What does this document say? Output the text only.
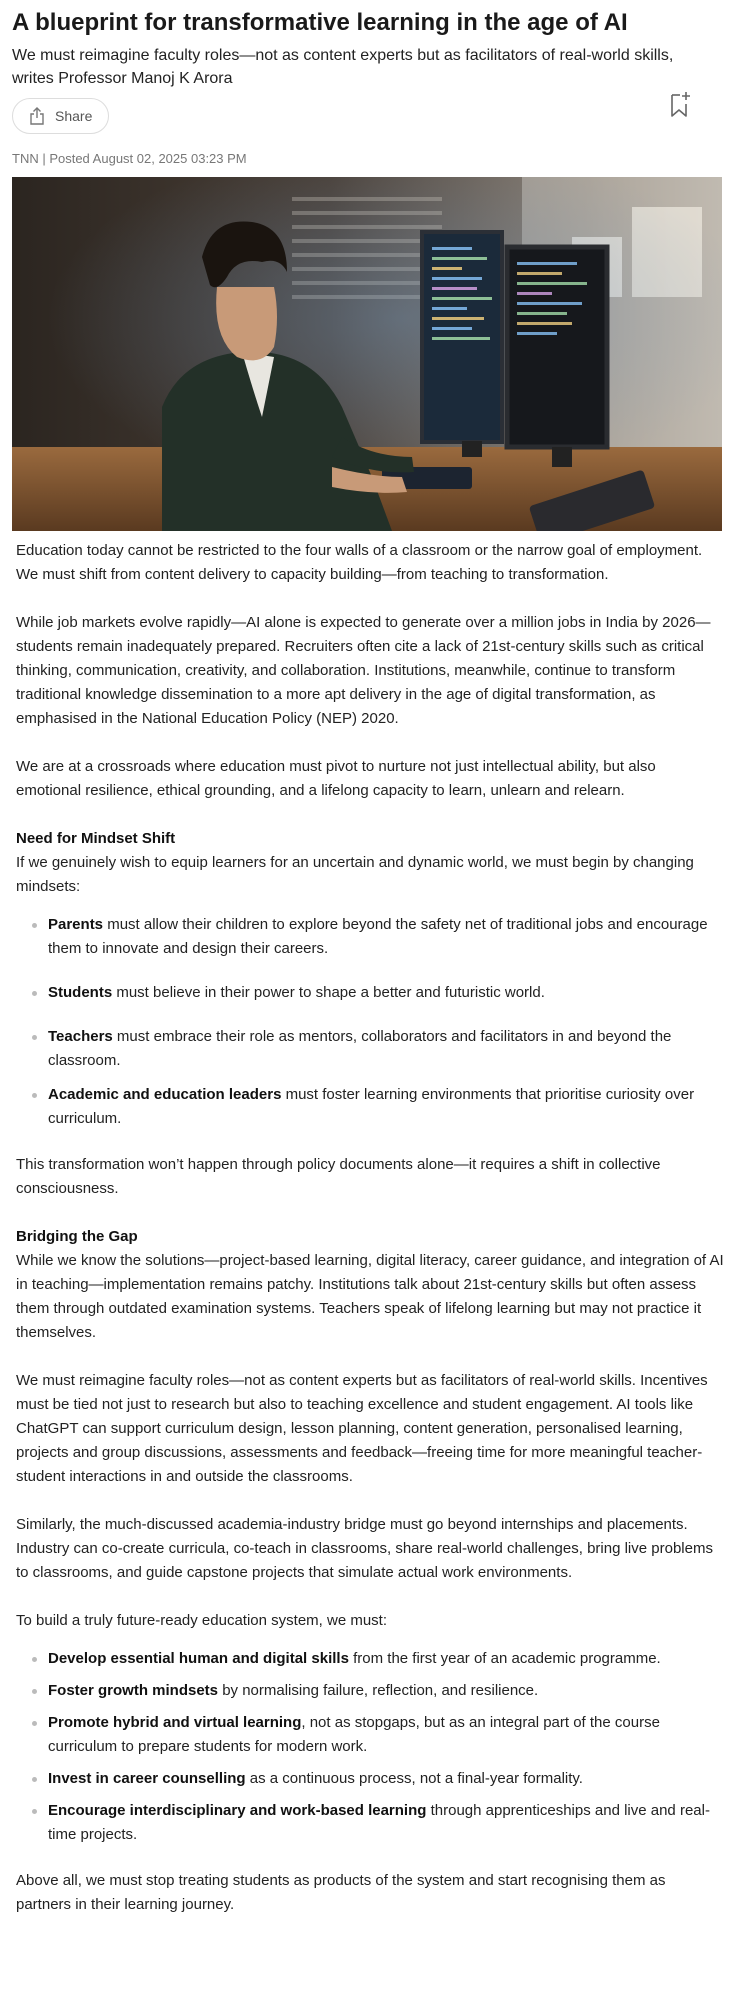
A blueprint for transformative learning in the age of AI

We must reimagine faculty roles—not as content experts but as facilitators of real-world skills, writes Professor Manoj K Arora

Share
TNN | Posted August 02, 2025 03:23 PM

Education today cannot be restricted to the four walls of a classroom or the narrow goal of employment. We must shift from content delivery to capacity building—from teaching to transformation.

While job markets evolve rapidly—AI alone is expected to generate over a million jobs in India by 2026—students remain inadequately prepared. Recruiters often cite a lack of 21st-century skills such as critical thinking, communication, creativity, and collaboration. Institutions, meanwhile, continue to transform traditional knowledge dissemination to a more apt delivery in the age of digital transformation, as emphasised in the National Education Policy (NEP) 2020.

We are at a crossroads where education must pivot to nurture not just intellectual ability, but also emotional resilience, ethical grounding, and a lifelong capacity to learn, unlearn and relearn.

Need for Mindset Shift

If we genuinely wish to equip learners for an uncertain and dynamic world, we must begin by changing mindsets:

Parents must allow their children to explore beyond the safety net of traditional jobs and encourage them to innovate and design their careers.
Students must believe in their power to shape a better and futuristic world.
Teachers must embrace their role as mentors, collaborators and facilitators in and beyond the classroom.
Academic and education leaders must foster learning environments that prioritise curiosity over curriculum.

This transformation won’t happen through policy documents alone—it requires a shift in collective consciousness.

Bridging the Gap

While we know the solutions—project-based learning, digital literacy, career guidance, and integration of AI in teaching—implementation remains patchy. Institutions talk about 21st-century skills but often assess them through outdated examination systems. Teachers speak of lifelong learning but may not practice it themselves.

We must reimagine faculty roles—not as content experts but as facilitators of real-world skills. Incentives must be tied not just to research but also to teaching excellence and student engagement. AI tools like ChatGPT can support curriculum design, lesson planning, content generation, personalised learning, projects and group discussions, assessments and feedback—freeing time for more meaningful teacher-student interactions in and outside the classrooms.

Similarly, the much-discussed academia-industry bridge must go beyond internships and placements. Industry can co-create curricula, co-teach in classrooms, share real-world challenges, bring live problems to classrooms, and guide capstone projects that simulate actual work environments.

To build a truly future-ready education system, we must:

Develop essential human and digital skills from the first year of an academic programme.
Foster growth mindsets by normalising failure, reflection, and resilience.
Promote hybrid and virtual learning, not as stopgaps, but as an integral part of the course curriculum to prepare students for modern work.
Invest in career counselling as a continuous process, not a final-year formality.
Encourage interdisciplinary and work-based learning through apprenticeships and live and real-time projects.

Above all, we must stop treating students as products of the system and start recognising them as partners in their learning journey.
